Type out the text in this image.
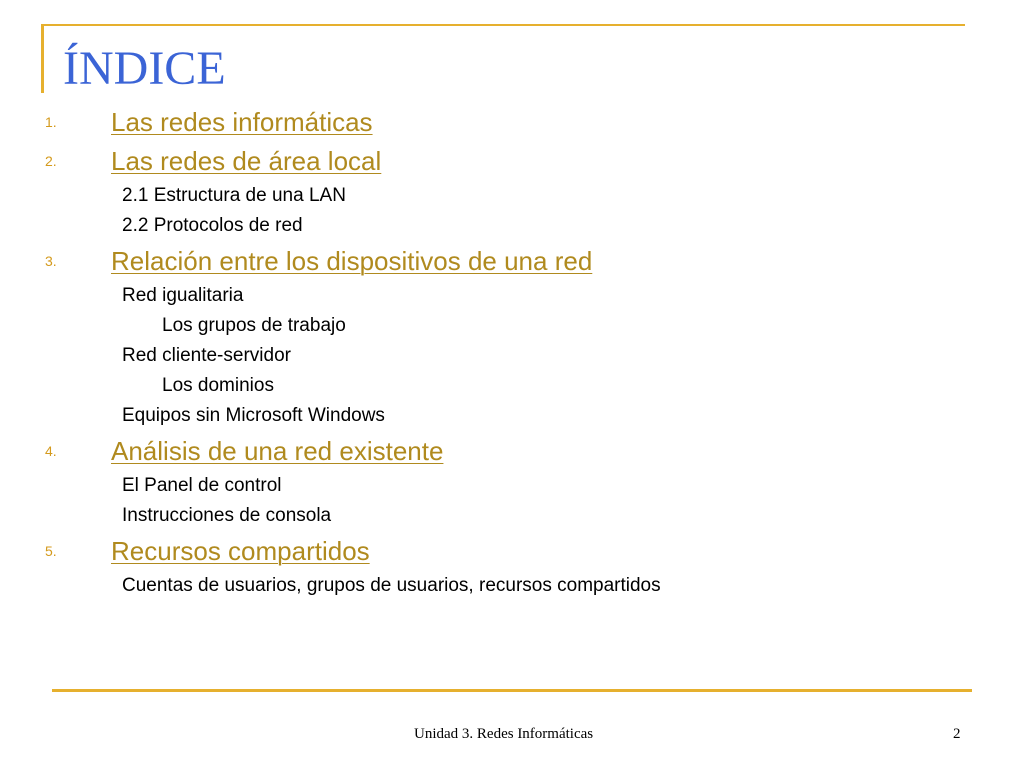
ÍNDICE
1. Las redes informáticas
2. Las redes de área local
2.1 Estructura de una LAN
2.2 Protocolos de red
3. Relación entre los dispositivos de una red
Red igualitaria
Los grupos de trabajo
Red cliente-servidor
Los dominios
Equipos sin Microsoft Windows
4. Análisis de una red existente
El Panel de control
Instrucciones de consola
5. Recursos compartidos
Cuentas de usuarios, grupos de usuarios, recursos compartidos
Unidad 3. Redes Informáticas	2
